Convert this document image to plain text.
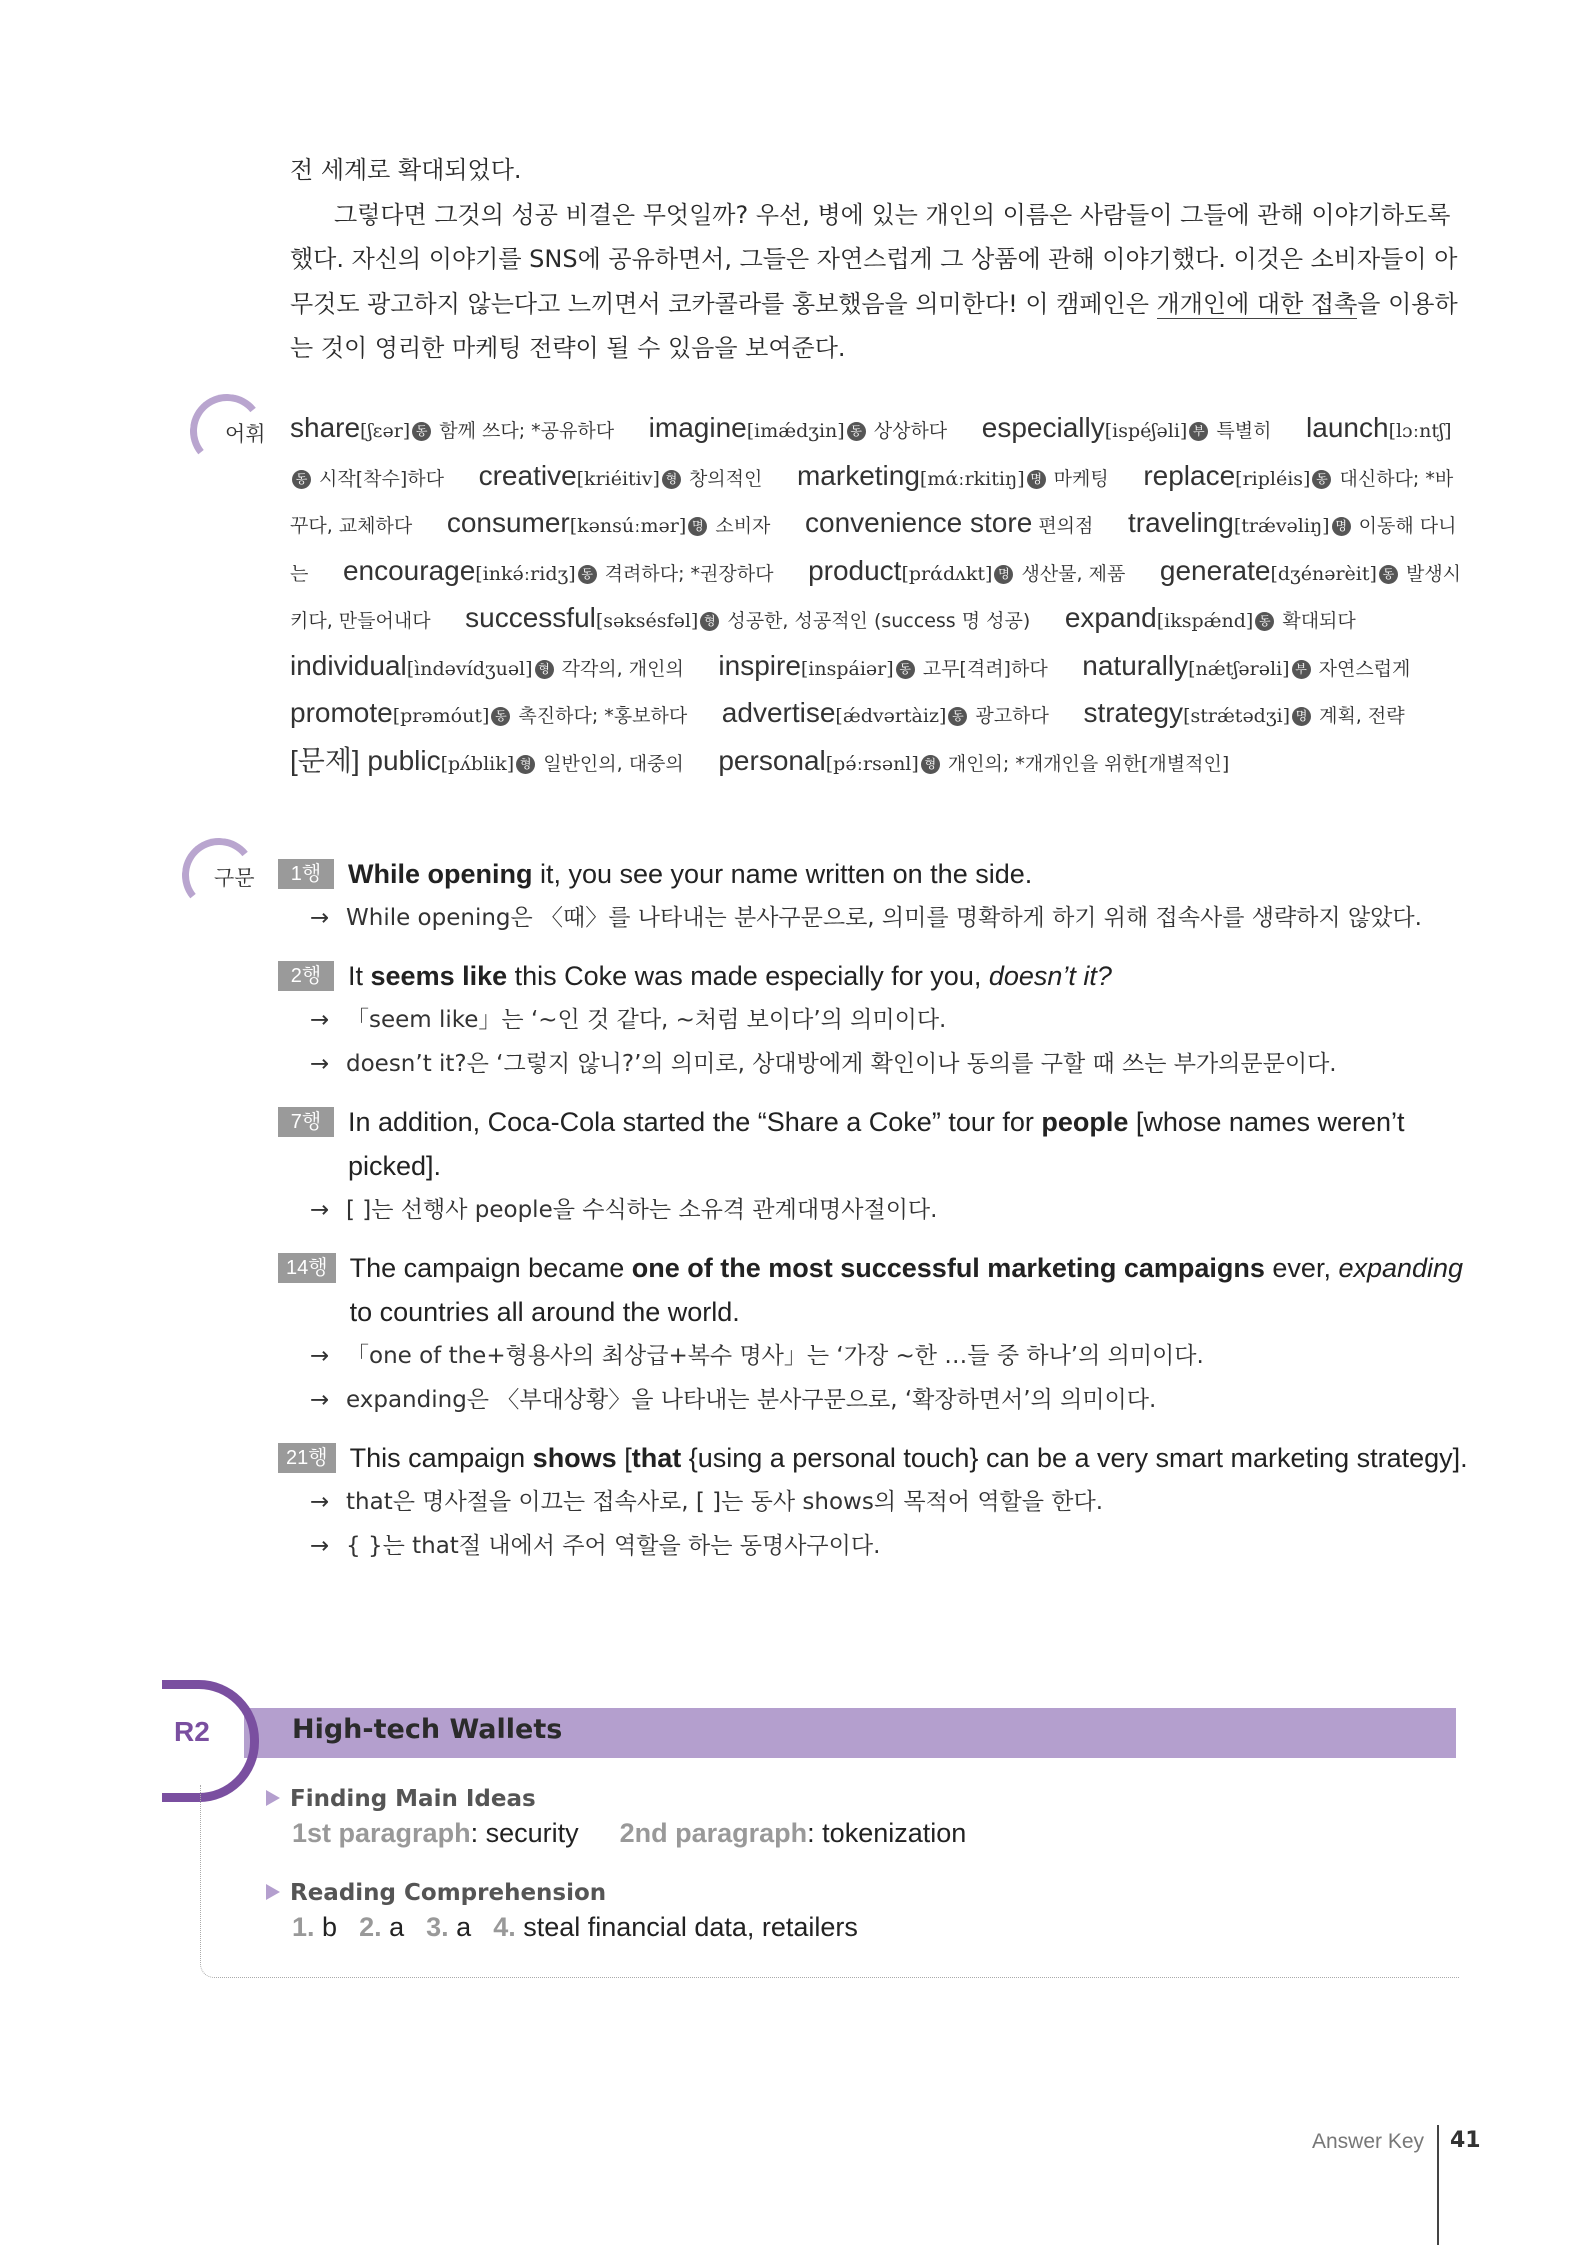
전 세계로 확대되었다.

그렇다면 그것의 성공 비결은 무엇일까? 우선, 병에 있는 개인의 이름은 사람들이 그들에 관해 이야기하도록 했다. 자신의 이야기를 SNS에 공유하면서, 그들은 자연스럽게 그 상품에 관해 이야기했다. 이것은 소비자들이 아무것도 광고하지 않는다고 느끼면서 코카콜라를 홍보했음을 의미한다! 이 캠페인은 개개인에 대한 접촉을 이용하는 것이 영리한 마케팅 전략이 될 수 있음을 보여준다.

어휘 share[ʃɛər] 동 함께 쓰다; *공유하다 imagine[imǽdʒin] 동 상상하다 especially[ispéʃəli] 부 특별히 launch[lɔːntʃ]동 시작[착수]하다 creative[kriéitiv] 형 창의적인 marketing[mάːrkitiŋ] 명 마케팅 replace[ripléis] 동 대신하다; *바꾸다, 교체하다 consumer[kənsúːmər] 명 소비자 convenience store 편의점 traveling[trǽvəliŋ] 명 이동해 다니는 encourage[inkə́ːridʒ] 동 격려하다; *권장하다 product[prάdʌkt] 명 생산물, 제품 generate[dʒénərèit] 동 발생시키다, 만들어내다 successful[səksésfəl] 형 성공한, 성공적인 (success 명 성공) expand[ikspǽnd] 동 확대되다 individual[ìndəvídʒuəl] 형 각각의, 개인의 inspire[inspáiər] 동 고무[격려]하다 naturally[nǽtʃərəli] 부 자연스럽게 promote[prəmóut] 동 촉진하다; *홍보하다 advertise[ǽdvərtàiz] 동 광고하다 strategy[strǽtədʒi] 명 계획, 전략 [문제] public[pʌ́blik] 형 일반인의, 대중의 personal[pə́ːrsənl] 형 개인의; *개개인을 위한[개별적인]
구문	1행 While opening it, you see your name written on the side.
→ While opening은 〈때〉를 나타내는 분사구문으로, 의미를 명확하게 하기 위해 접속사를 생략하지 않았다.
2행 It seems like this Coke was made especially for you, doesn’t it?
→ 「seem like」는 ‘~인 것 같다, ~처럼 보이다’의 의미이다.
→ doesn’t it?은 ‘그렇지 않니?’의 의미로, 상대방에게 확인이나 동의를 구할 때 쓰는 부가의문문이다.
7행 In addition, Coca-Cola started the “Share a Coke” tour for people [whose names weren’t picked].
→ [ ]는 선행사 people을 수식하는 소유격 관계대명사절이다.
14행 The campaign became one of the most successful marketing campaigns ever, expanding to countries all around the world.
→ 「one of the+형용사의 최상급+복수 명사」는 ‘가장 ~한 …들 중 하나’의 의미이다.
→ expanding은 〈부대상황〉을 나타내는 분사구문으로, ‘확장하면서’의 의미이다.
21행 This campaign shows [that {using a personal touch} can be a very smart marketing strategy].
→ that은 명사절을 이끄는 접속사로, [ ]는 동사 shows의 목적어 역할을 한다.
→ { }는 that절 내에서 주어 역할을 하는 동명사구이다.
R2	High-tech Wallets
Finding Main Ideas
1st paragraph: security 2nd paragraph: tokenization
Reading Comprehension
1. b 2. a 3. a 4. steal financial data, retailers
Answer Key 41
